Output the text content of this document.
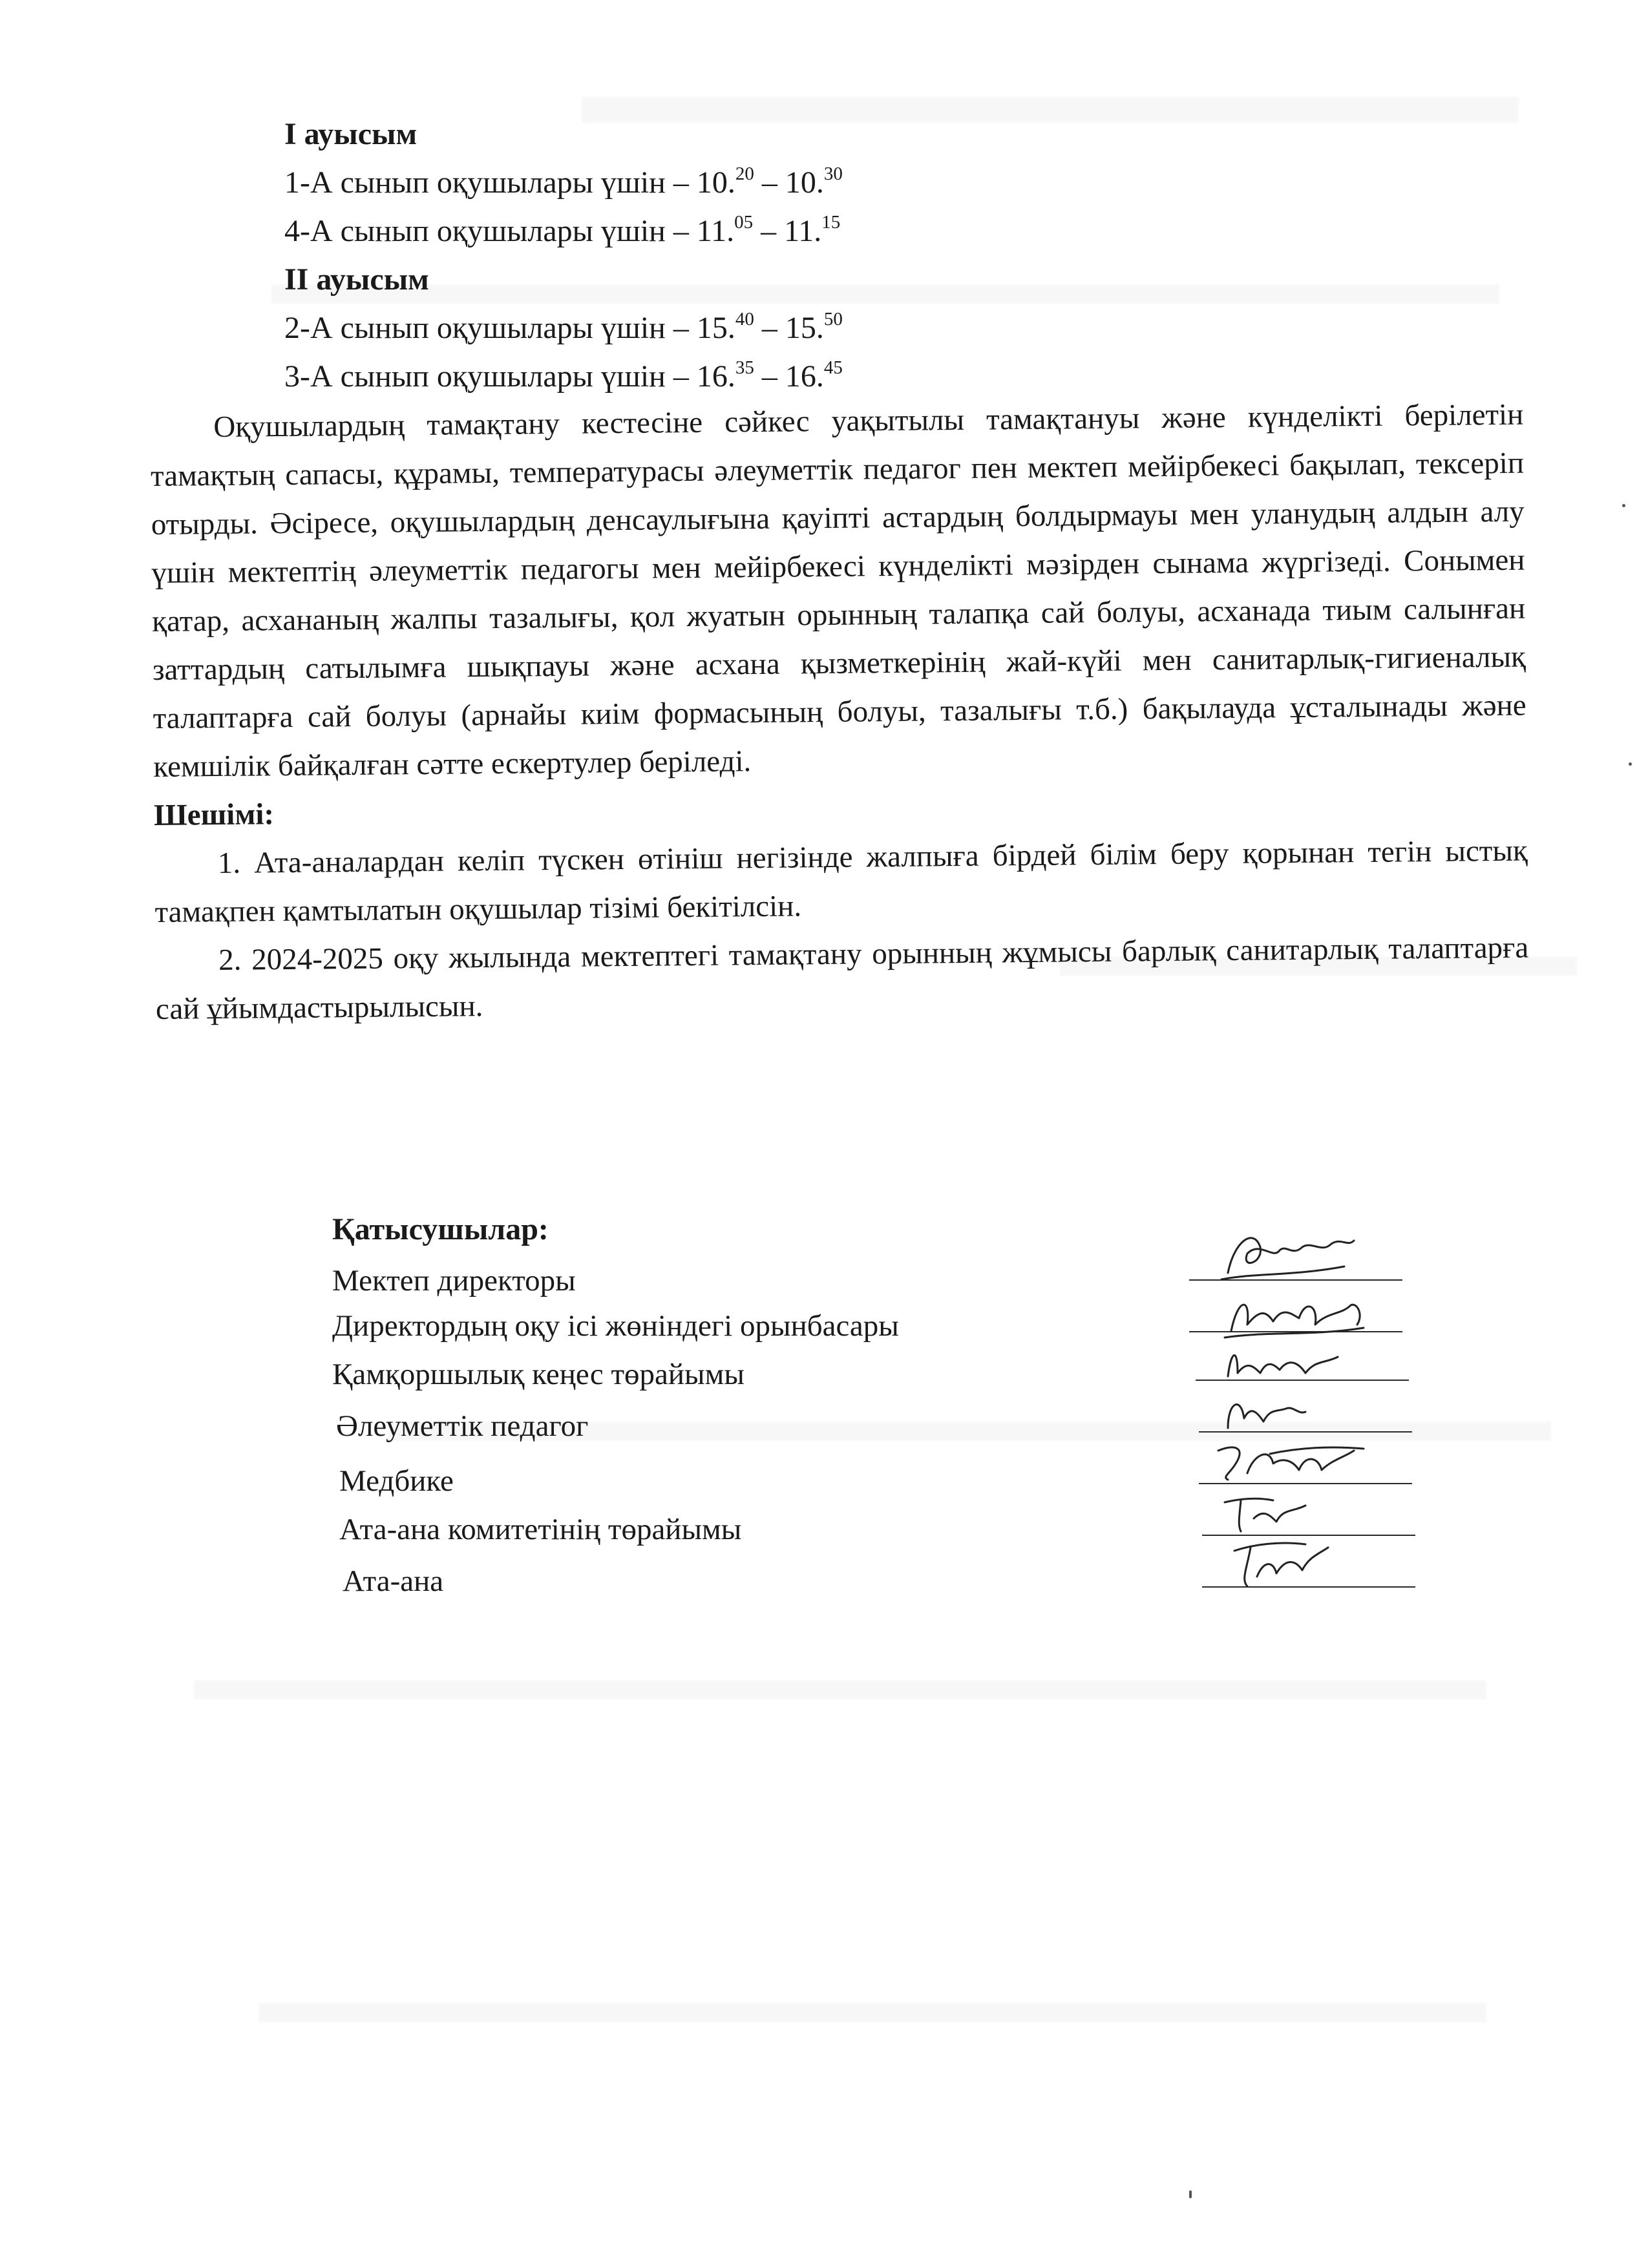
I ауысым
1-А сынып оқушылары үшін – 10.20 – 10.30
4-А сынып оқушылары үшін – 11.05 – 11.15
II ауысым
2-А сынып оқушылары үшін – 15.40 – 15.50
3-А сынып оқушылары үшін – 16.35 – 16.45

Оқушылардың тамақтану кестесіне сәйкес уақытылы тамақтануы және күнделікті берілетін тамақтың сапасы, құрамы, температурасы әлеуметтік педагог пен мектеп мейірбекесі бақылап, тексеріп отырды. Әсіресе, оқушылардың денсаулығына қауіпті астардың болдырмауы мен уланудың алдын алу үшін мектептің әлеуметтік педагогы мен мейірбекесі күнделікті мәзірден сынама жүргізеді. Сонымен қатар, асхананың жалпы тазалығы, қол жуатын орынның талапқа сай болуы, асханада тиым салынған заттардың сатылымға шықпауы және асхана қызметкерінің жай-күйі мен санитарлық-гигиеналық талаптарға сай болуы (арнайы киім формасының болуы, тазалығы т.б.) бақылауда ұсталынады және кемшілік байқалған сәтте ескертулер беріледі.

Шешімі:

1. Ата-аналардан келіп түскен өтініш негізінде жалпыға бірдей білім беру қорынан тегін ыстық тамақпен қамтылатын оқушылар тізімі бекітілсін.

2. 2024-2025 оқу жылында мектептегі тамақтану орынның жұмысы барлық санитарлық талаптарға сай ұйымдастырылысын.

Қатысушылар:
Мектеп директоры
Директордың оқу ісі жөніндегі орынбасары
Қамқоршылық кеңес төрайымы
Әлеуметтік педагог
Медбике
Ата-ана комитетінің төрайымы
Ата-ана
